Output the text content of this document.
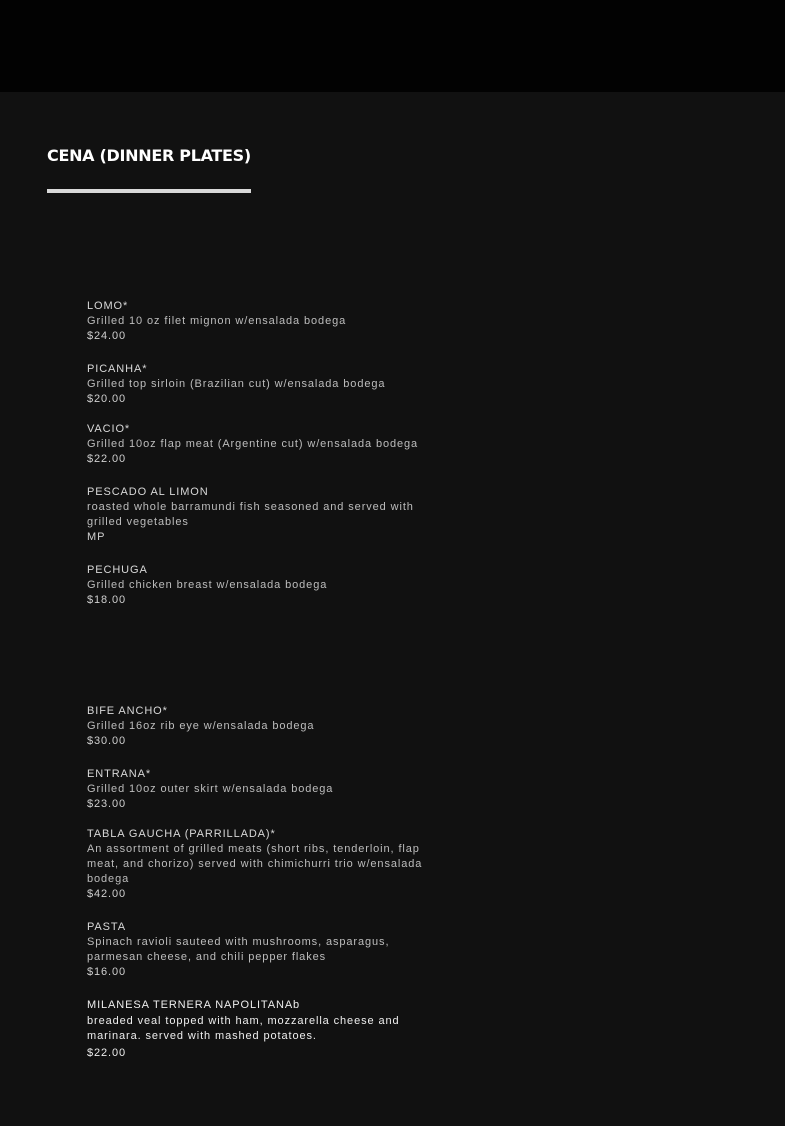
CENA (DINNER PLATES)
LOMO*
Grilled 10 oz filet mignon w/ensalada bodega
$24.00
PICANHA*
Grilled top sirloin (Brazilian cut) w/ensalada bodega
$20.00
VACIO*
Grilled 10oz flap meat (Argentine cut) w/ensalada bodega
$22.00
PESCADO AL LIMON
roasted whole barramundi fish seasoned and served with grilled vegetables
MP
PECHUGA
Grilled chicken breast w/ensalada bodega
$18.00
BIFE ANCHO*
Grilled 16oz rib eye w/ensalada bodega
$30.00
ENTRANA*
Grilled 10oz outer skirt w/ensalada bodega
$23.00
TABLA GAUCHA (PARRILLADA)*
An assortment of grilled meats (short ribs, tenderloin, flap meat, and chorizo) served with chimichurri trio w/ensalada bodega
$42.00
PASTA
Spinach ravioli sauteed with mushrooms, asparagus, parmesan cheese, and chili pepper flakes
$16.00
MILANESA TERNERA NAPOLITANAb
breaded veal topped with ham, mozzarella cheese and marinara. served with mashed potatoes.
$22.00
